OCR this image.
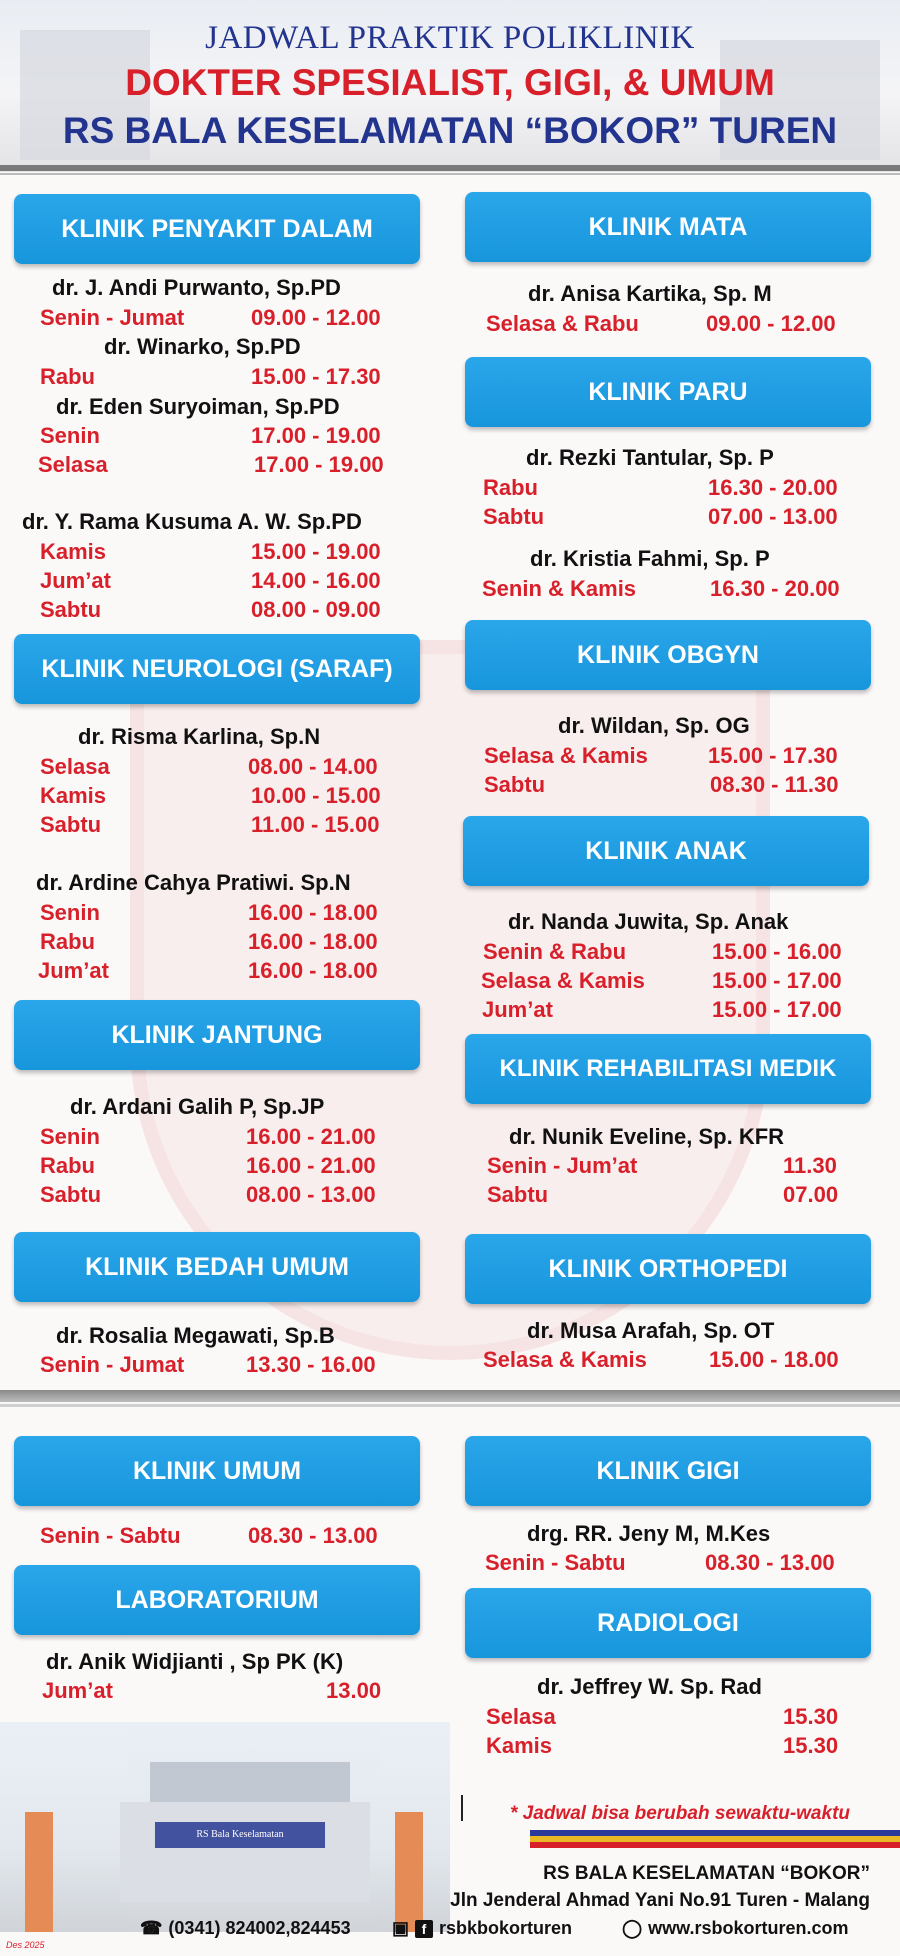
JADWAL PRAKTIK POLIKLINIK
DOKTER SPESIALIST, GIGI, & UMUM
RS BALA KESELAMATAN “BOKOR” TUREN
KLINIK PENYAKIT DALAM
dr. J. Andi Purwanto, Sp.PD
Senin - Jumat	09.00 - 12.00
dr. Winarko, Sp.PD
Rabu	15.00 - 17.30
dr. Eden Suryoiman, Sp.PD
Senin	17.00 - 19.00
Selasa	17.00 - 19.00
dr. Y. Rama Kusuma A. W. Sp.PD
Kamis	15.00 - 19.00
Jum’at	14.00 - 16.00
Sabtu	08.00 - 09.00
KLINIK NEUROLOGI (SARAF)
dr. Risma Karlina, Sp.N
Selasa	08.00 - 14.00
Kamis	10.00 - 15.00
Sabtu	11.00 - 15.00
dr. Ardine Cahya Pratiwi. Sp.N
Senin	16.00 - 18.00
Rabu	16.00 - 18.00
Jum’at	16.00 - 18.00
KLINIK JANTUNG
dr. Ardani Galih P, Sp.JP
Senin	16.00 - 21.00
Rabu	16.00 - 21.00
Sabtu	08.00 - 13.00
KLINIK BEDAH UMUM
dr. Rosalia Megawati, Sp.B
Senin - Jumat	13.30 - 16.00
KLINIK UMUM
Senin - Sabtu	08.30 - 13.00
LABORATORIUM
dr. Anik Widjianti , Sp PK (K)
Jum’at	13.00
KLINIK MATA
dr. Anisa Kartika, Sp. M
Selasa & Rabu	09.00 - 12.00
KLINIK PARU
dr. Rezki Tantular, Sp. P
Rabu	16.30 - 20.00
Sabtu	07.00 - 13.00
dr. Kristia Fahmi, Sp. P
Senin & Kamis	16.30 - 20.00
KLINIK OBGYN
dr. Wildan, Sp. OG
Selasa & Kamis	15.00 - 17.30
Sabtu	08.30 - 11.30
KLINIK ANAK
dr. Nanda Juwita, Sp. Anak
Senin & Rabu	15.00 - 16.00
Selasa & Kamis	15.00 - 17.00
Jum’at	15.00 - 17.00
KLINIK REHABILITASI MEDIK
dr. Nunik Eveline, Sp. KFR
Senin - Jum’at	11.30
Sabtu	07.00
KLINIK ORTHOPEDI
dr. Musa Arafah, Sp. OT
Selasa & Kamis	15.00 - 18.00
KLINIK GIGI
drg. RR. Jeny M, M.Kes
Senin - Sabtu	08.30 - 13.00
RADIOLOGI
dr. Jeffrey W. Sp. Rad
Selasa	15.30
Kamis	15.30
RS Bala Keselamatan
* Jadwal bisa berubah sewaktu-waktu
RS BALA KESELAMATAN “BOKOR”
Jln Jenderal Ahmad Yani No.91 Turen - Malang
☎ (0341) 824002,824453 ▣ f rsbkbokorturen	◯ www.rsbokorturen.com
Des 2025
